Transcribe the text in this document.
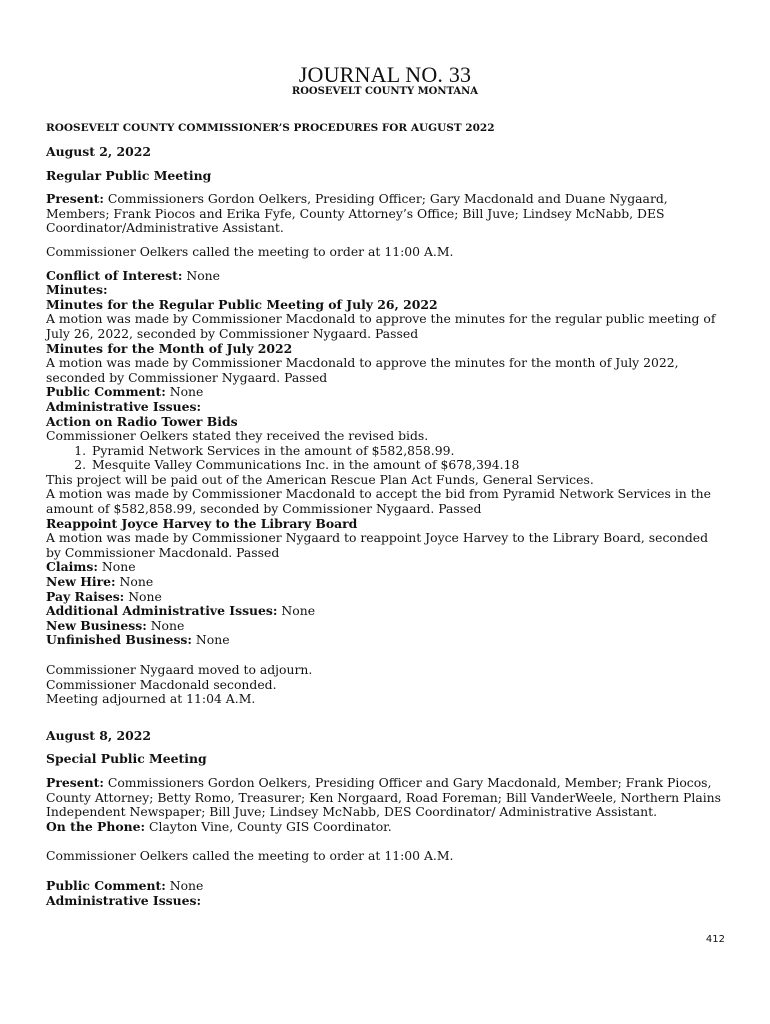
JOURNAL NO. 33
ROOSEVELT COUNTY MONTANA
ROOSEVELT COUNTY COMMISSIONER’S PROCEDURES FOR AUGUST 2022

August 2, 2022

Regular Public Meeting

Present: Commissioners Gordon Oelkers, Presiding Officer; Gary Macdonald and Duane Nygaard, Members; Frank Piocos and Erika Fyfe, County Attorney’s Office; Bill Juve; Lindsey McNabb, DES Coordinator/Administrative Assistant.

Commissioner Oelkers called the meeting to order at 11:00 A.M.

Conflict of Interest: None

Minutes:

Minutes for the Regular Public Meeting of July 26, 2022

A motion was made by Commissioner Macdonald to approve the minutes for the regular public meeting of July 26, 2022, seconded by Commissioner Nygaard. Passed

Minutes for the Month of July 2022

A motion was made by Commissioner Macdonald to approve the minutes for the month of July 2022, seconded by Commissioner Nygaard. Passed

Public Comment: None

Administrative Issues:

Action on Radio Tower Bids

Commissioner Oelkers stated they received the revised bids.

1. Pyramid Network Services in the amount of $582,858.99.
2. Mesquite Valley Communications Inc. in the amount of $678,394.18

This project will be paid out of the American Rescue Plan Act Funds, General Services.

A motion was made by Commissioner Macdonald to accept the bid from Pyramid Network Services in the amount of $582,858.99, seconded by Commissioner Nygaard. Passed

Reappoint Joyce Harvey to the Library Board

A motion was made by Commissioner Nygaard to reappoint Joyce Harvey to the Library Board, seconded by Commissioner Macdonald. Passed

Claims: None

New Hire: None

Pay Raises: None

Additional Administrative Issues: None

New Business: None

Unfinished Business: None

Commissioner Nygaard moved to adjourn.

Commissioner Macdonald seconded.

Meeting adjourned at 11:04 A.M.

August 8, 2022

Special Public Meeting

Present: Commissioners Gordon Oelkers, Presiding Officer and Gary Macdonald, Member; Frank Piocos, County Attorney; Betty Romo, Treasurer; Ken Norgaard, Road Foreman; Bill VanderWeele, Northern Plains Independent Newspaper; Bill Juve; Lindsey McNabb, DES Coordinator/ Administrative Assistant.

On the Phone: Clayton Vine, County GIS Coordinator.

Commissioner Oelkers called the meeting to order at 11:00 A.M.

Public Comment: None

Administrative Issues:

412
